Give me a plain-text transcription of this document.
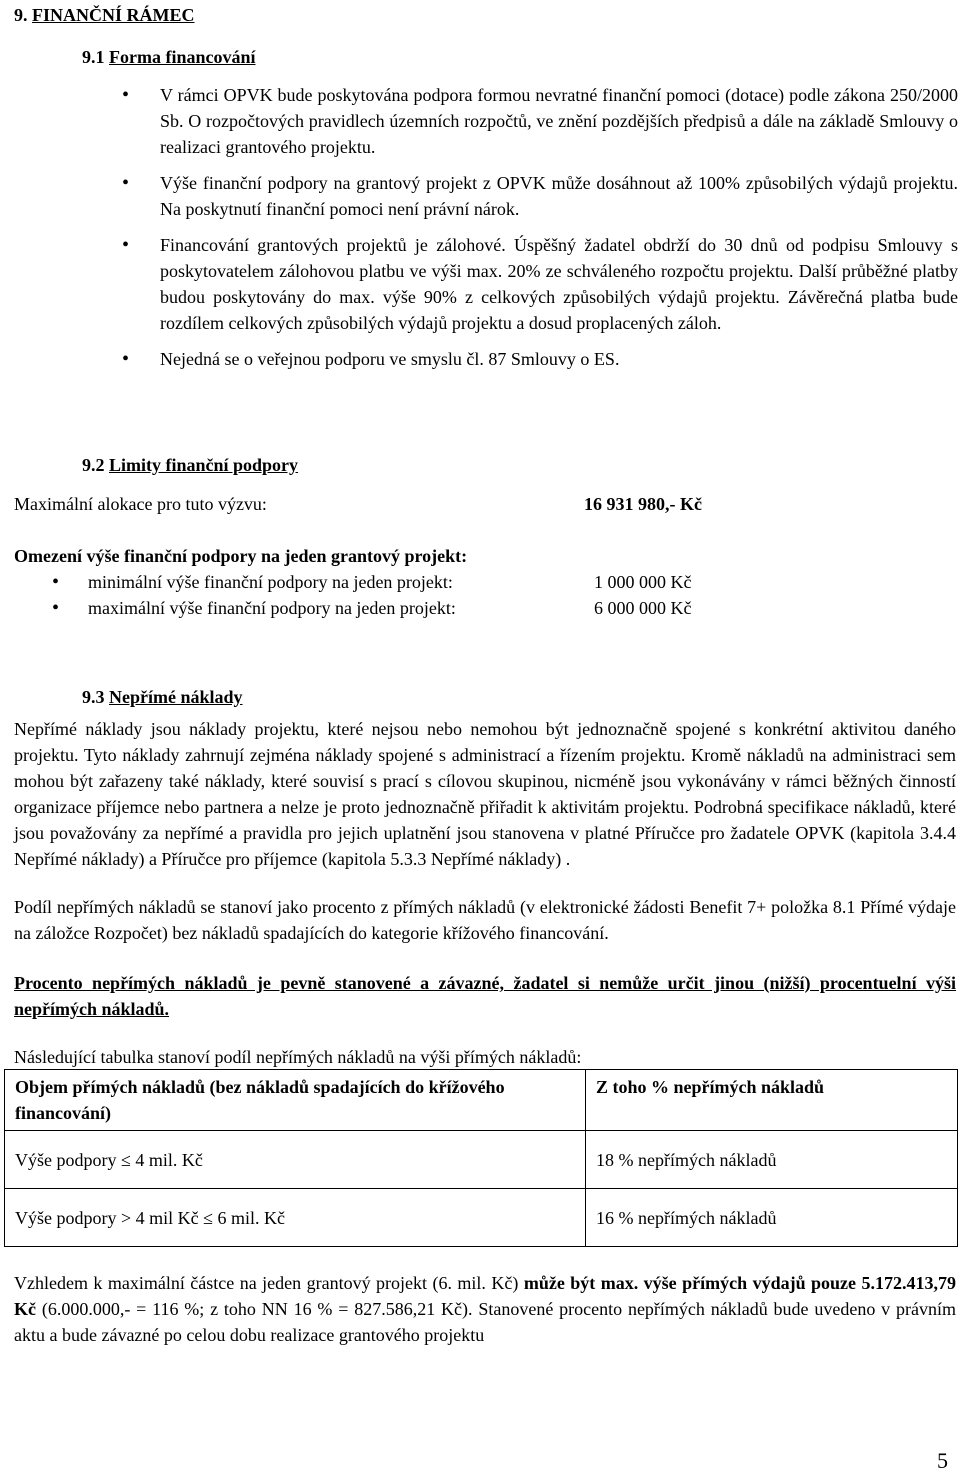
9. FINANČNÍ RÁMEC
9.1 Forma financování
• V rámci OPVK bude poskytována podpora formou nevratné finanční pomoci (dotace) podle zákona 250/2000 Sb. O rozpočtových pravidlech územních rozpočtů, ve znění pozdějších předpisů a dále na základě Smlouvy o realizaci grantového projektu.
• Výše finanční podpory na grantový projekt z OPVK může dosáhnout až 100% způsobilých výdajů projektu. Na poskytnutí finanční pomoci není právní nárok.
• Financování grantových projektů je zálohové. Úspěšný žadatel obdrží do 30 dnů od podpisu Smlouvy s poskytovatelem zálohovou platbu ve výši max. 20% ze schváleného rozpočtu projektu. Další průběžné platby budou poskytovány do max. výše 90% z celkových způsobilých výdajů projektu. Závěrečná platba bude rozdílem celkových způsobilých výdajů projektu a dosud proplacených záloh.
• Nejedná se o veřejnou podporu ve smyslu čl. 87 Smlouvy o ES.
9.2 Limity finanční podpory
Maximální alokace pro tuto výzvu:	16 931 980,- Kč
Omezení výše finanční podpory na jeden grantový projekt:
• minimální výše finanční podpory na jeden projekt:	1 000 000 Kč
• maximální výše finanční podpory na jeden projekt:	6 000 000 Kč
9.3 Nepřímé náklady

Nepřímé náklady jsou náklady projektu, které nejsou nebo nemohou být jednoznačně spojené s konkrétní aktivitou daného projektu. Tyto náklady zahrnují zejména náklady spojené s administrací a řízením projektu. Kromě nákladů na administraci sem mohou být zařazeny také náklady, které souvisí s prací s cílovou skupinou, nicméně jsou vykonávány v rámci běžných činností organizace příjemce nebo partnera a nelze je proto jednoznačně přiřadit k aktivitám projektu. Podrobná specifikace nákladů, které jsou považovány za nepřímé a pravidla pro jejich uplatnění jsou stanovena v platné Příručce pro žadatele OPVK (kapitola 3.4.4 Nepřímé náklady) a Příručce pro příjemce (kapitola 5.3.3 Nepřímé náklady) .

Podíl nepřímých nákladů se stanoví jako procento z přímých nákladů (v elektronické žádosti Benefit 7+ položka 8.1 Přímé výdaje na záložce Rozpočet) bez nákladů spadajících do kategorie křížového financování.

Procento nepřímých nákladů je pevně stanovené a závazné, žadatel si nemůže určit jinou (nižší) procentuelní výši nepřímých nákladů.

Následující tabulka stanoví podíl nepřímých nákladů na výši přímých nákladů:
Objem přímých nákladů (bez nákladů spadajících do křížového financování)	Z toho % nepřímých nákladů
Výše podpory ≤ 4 mil. Kč	18 % nepřímých nákladů
Výše podpory > 4 mil Kč ≤ 6 mil. Kč	16 % nepřímých nákladů

Vzhledem k maximální částce na jeden grantový projekt (6. mil. Kč) může být max. výše přímých výdajů pouze 5.172.413,79 Kč (6.000.000,- = 116 %; z toho NN 16 % = 827.586,21 Kč). Stanovené procento nepřímých nákladů bude uvedeno v právním aktu a bude závazné po celou dobu realizace grantového projektu

5
